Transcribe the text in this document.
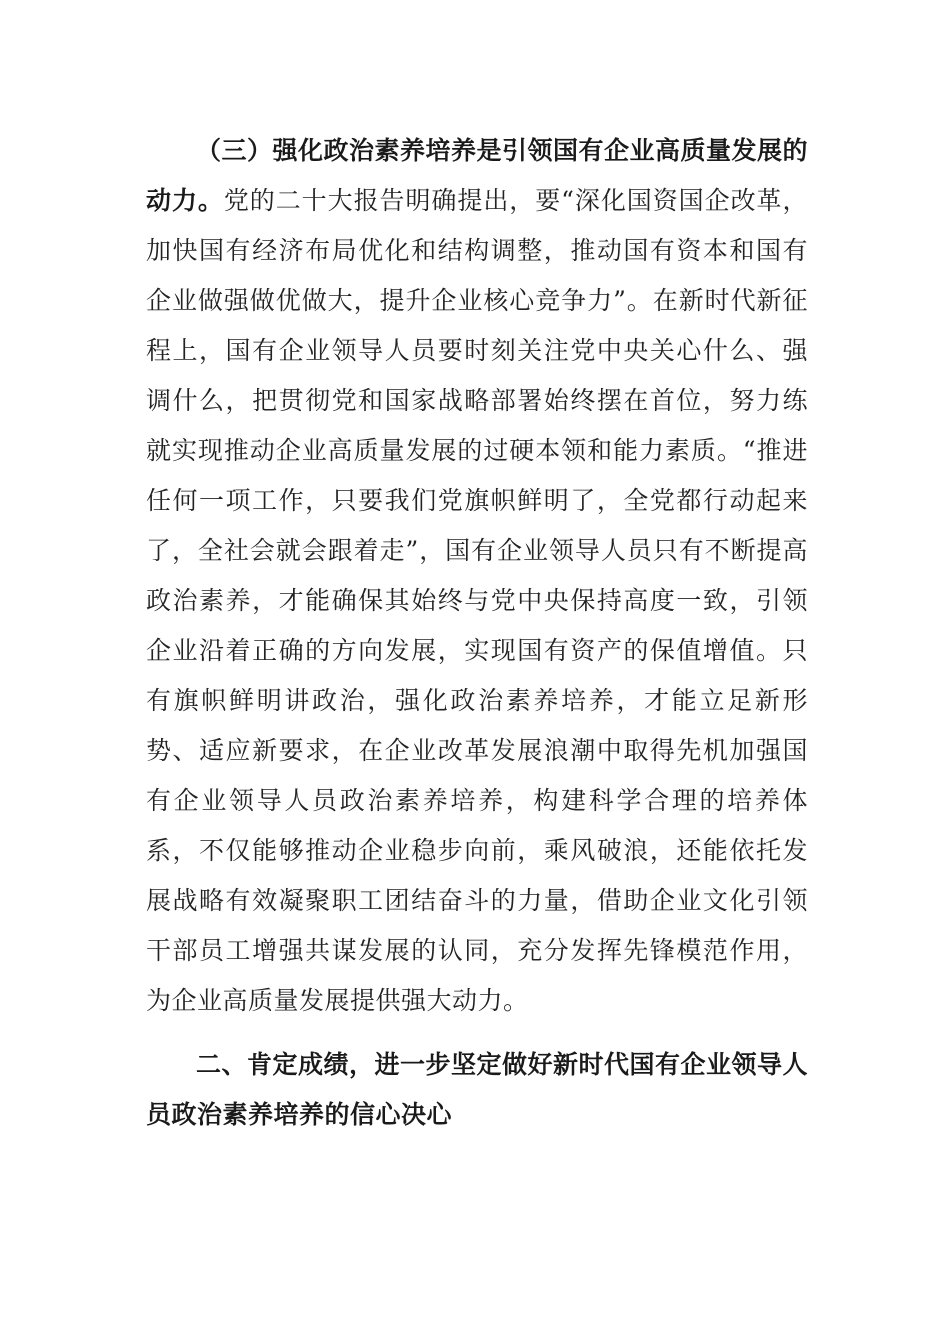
（三）强化政治素养培养是引领国有企业高质量发展的动力。党的二十大报告明确提出，要“深化国资国企改革，加快国有经济布局优化和结构调整，推动国有资本和国有企业做强做优做大，提升企业核心竞争力”。在新时代新征程上，国有企业领导人员要时刻关注党中央关心什么、强调什么，把贯彻党和国家战略部署始终摆在首位，努力练就实现推动企业高质量发展的过硬本领和能力素质。“推进任何一项工作，只要我们党旗帜鲜明了，全党都行动起来了，全社会就会跟着走”，国有企业领导人员只有不断提高政治素养，才能确保其始终与党中央保持高度一致，引领企业沿着正确的方向发展，实现国有资产的保值增值。只有旗帜鲜明讲政治，强化政治素养培养，才能立足新形势、适应新要求，在企业改革发展浪潮中取得先机加强国有企业领导人员政治素养培养，构建科学合理的培养体系，不仅能够推动企业稳步向前，乘风破浪，还能依托发展战略有效凝聚职工团结奋斗的力量，借助企业文化引领干部员工增强共谋发展的认同，充分发挥先锋模范作用，为企业高质量发展提供强大动力。

二、肯定成绩，进一步坚定做好新时代国有企业领导人员政治素养培养的信心决心
